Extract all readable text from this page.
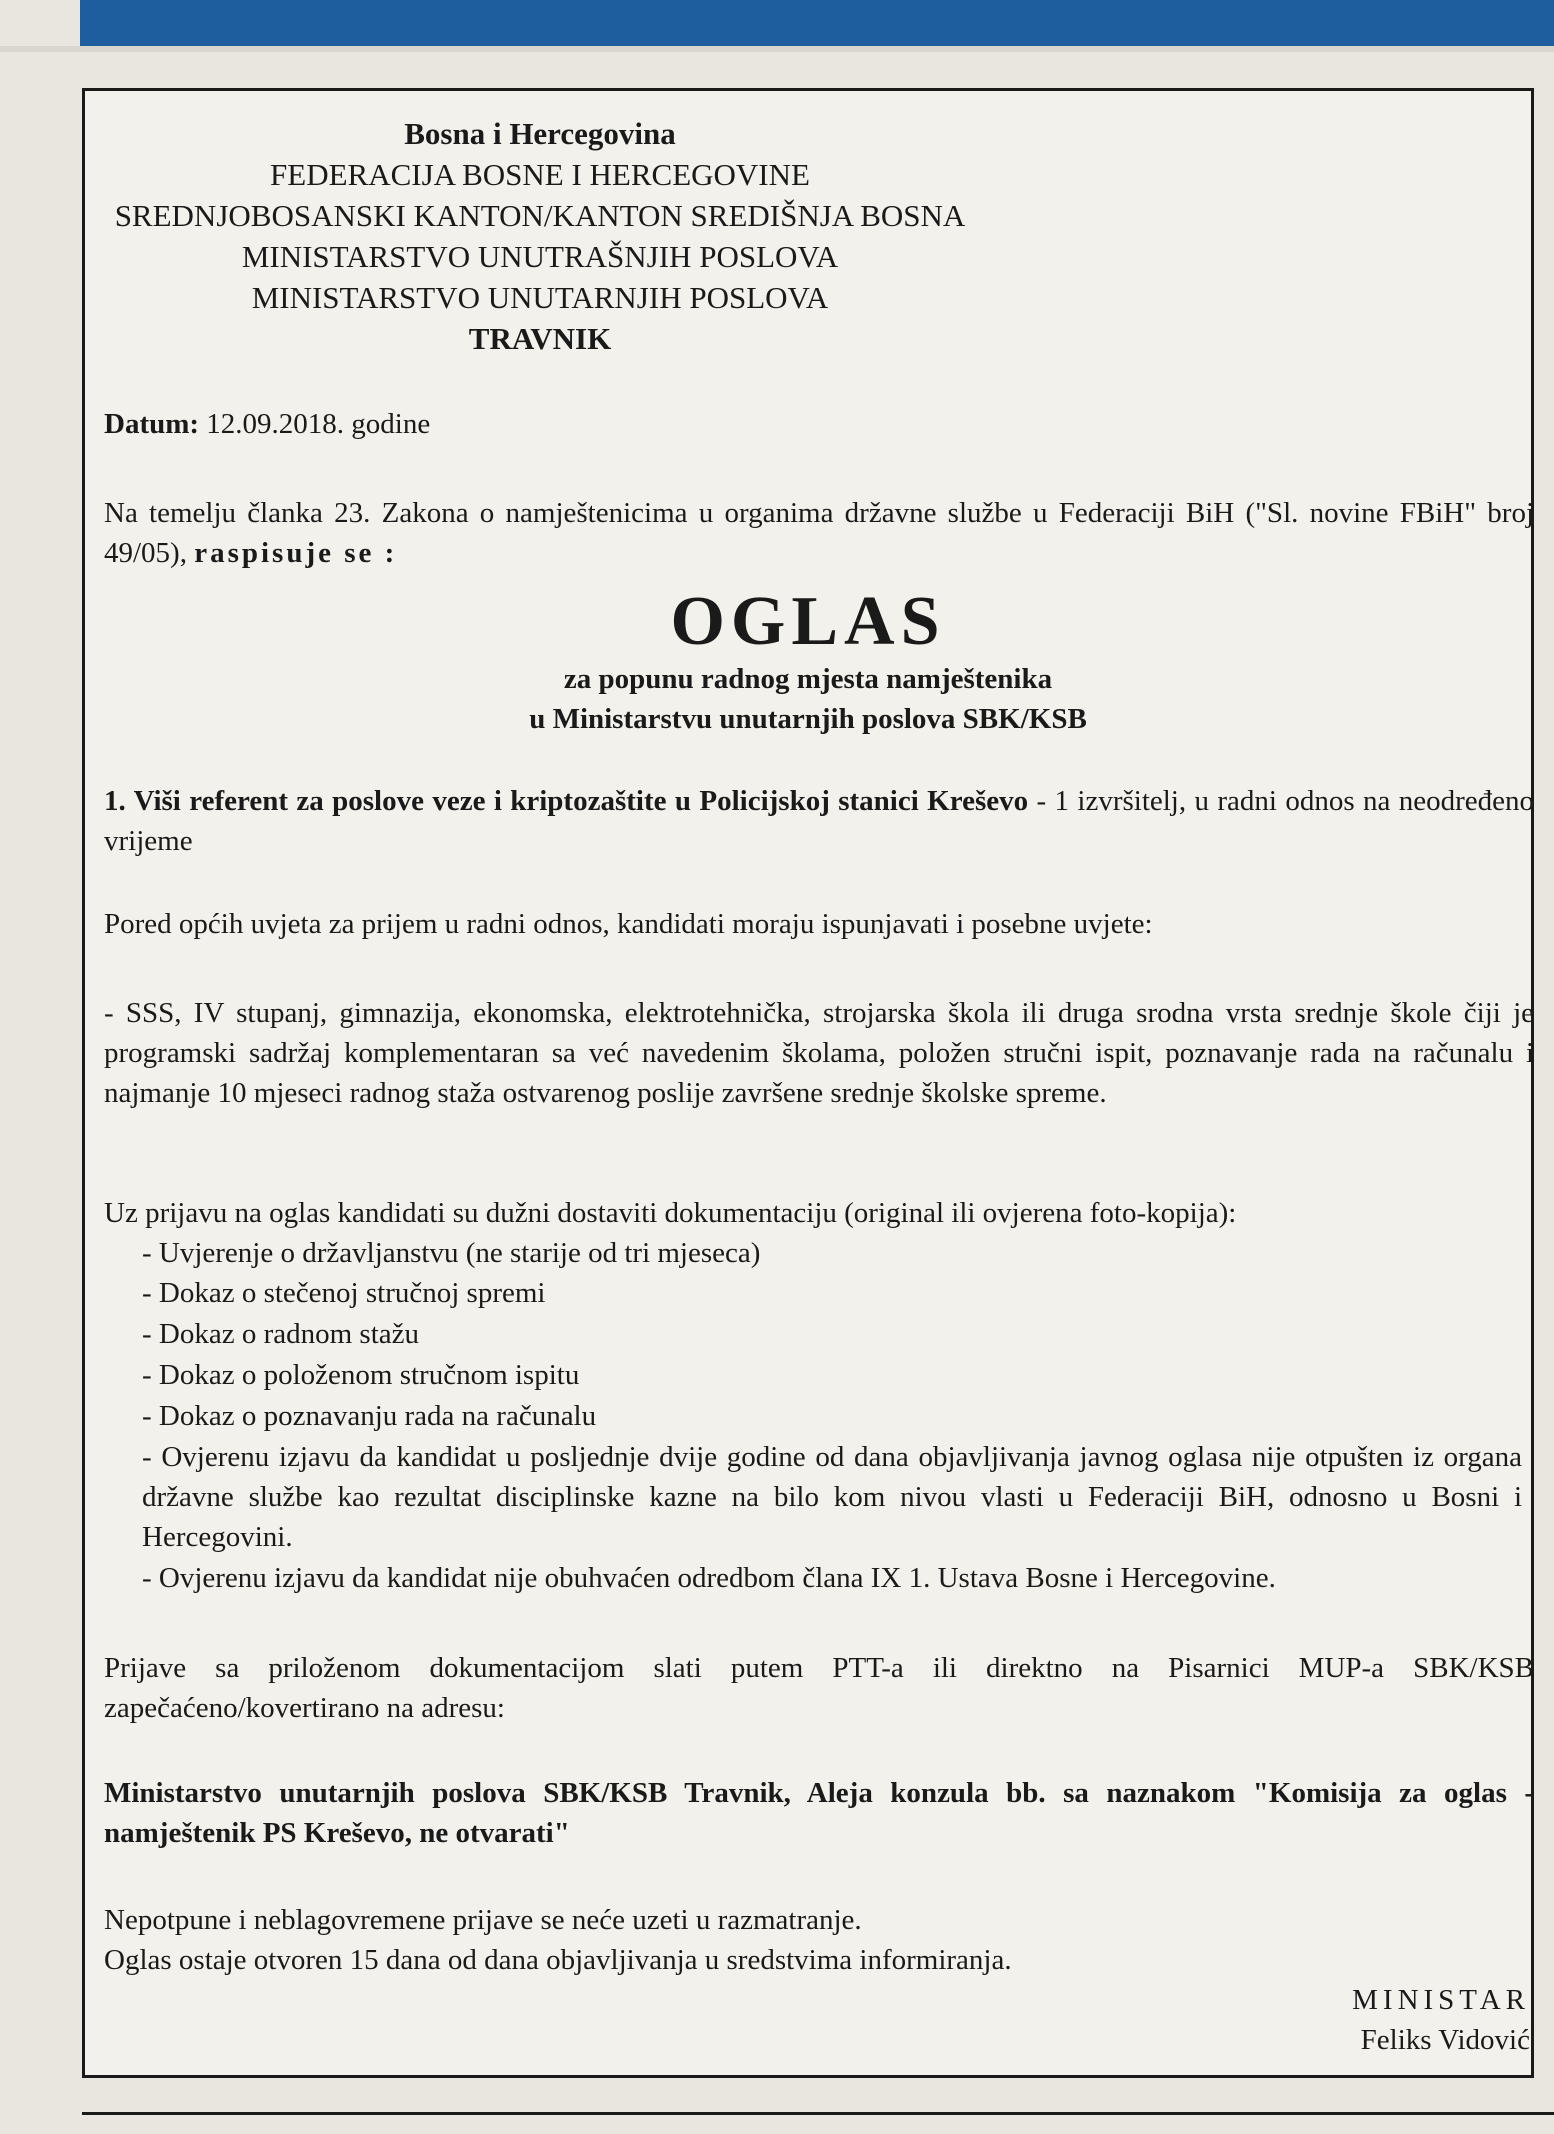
Bosna i Hercegovina
FEDERACIJA BOSNE I HERCEGOVINE
SREDNJOBOSANSKI KANTON/KANTON SREDIŠNJA BOSNA
MINISTARSTVO UNUTRAŠNJIH POSLOVA
MINISTARSTVO UNUTARNJIH POSLOVA
TRAVNIK
Datum: 12.09.2018. godine
Na temelju članka 23. Zakona o namještenicima u organima državne službe u Federaciji BiH ("Sl. novine FBiH" broj 49/05), raspisuje se :
OGLAS
za popunu radnog mjesta namještenika
u Ministarstvu unutarnjih poslova SBK/KSB
1. Viši referent za poslove veze i kriptozaštite u Policijskoj stanici Kreševo - 1 izvršitelj, u radni odnos na neodređeno vrijeme
Pored općih uvjeta za prijem u radni odnos, kandidati moraju ispunjavati i posebne uvjete:
- SSS, IV stupanj, gimnazija, ekonomska, elektrotehnička, strojarska škola ili druga srodna vrsta srednje škole čiji je programski sadržaj komplementaran sa već navedenim školama, položen stručni ispit, poznavanje rada na računalu i najmanje 10 mjeseci radnog staža ostvarenog poslije završene srednje školske spreme.
Uz prijavu na oglas kandidati su dužni dostaviti dokumentaciju (original ili ovjerena foto-kopija):
- Uvjerenje o državljanstvu (ne starije od tri mjeseca)
- Dokaz o stečenoj stručnoj spremi
- Dokaz o radnom stažu
- Dokaz o položenom stručnom ispitu
- Dokaz o poznavanju rada na računalu
- Ovjerenu izjavu da kandidat u posljednje dvije godine od dana objavljivanja javnog oglasa nije otpušten iz organa državne službe kao rezultat disciplinske kazne na bilo kom nivou vlasti u Federaciji BiH, odnosno u Bosni i Hercegovini.
- Ovjerenu izjavu da kandidat nije obuhvaćen odredbom člana IX 1. Ustava Bosne i Hercegovine.
Prijave sa priloženom dokumentacijom slati putem PTT-a ili direktno na Pisarnici MUP-a SBK/KSB zapečaćeno/kovertirano na adresu:
Ministarstvo unutarnjih poslova SBK/KSB Travnik, Aleja konzula bb. sa naznakom "Komisija za oglas - namještenik PS Kreševo, ne otvarati"
Nepotpune i neblagovremene prijave se neće uzeti u razmatranje.
Oglas ostaje otvoren 15 dana od dana objavljivanja u sredstvima informiranja.
MINISTAR
Feliks Vidović
